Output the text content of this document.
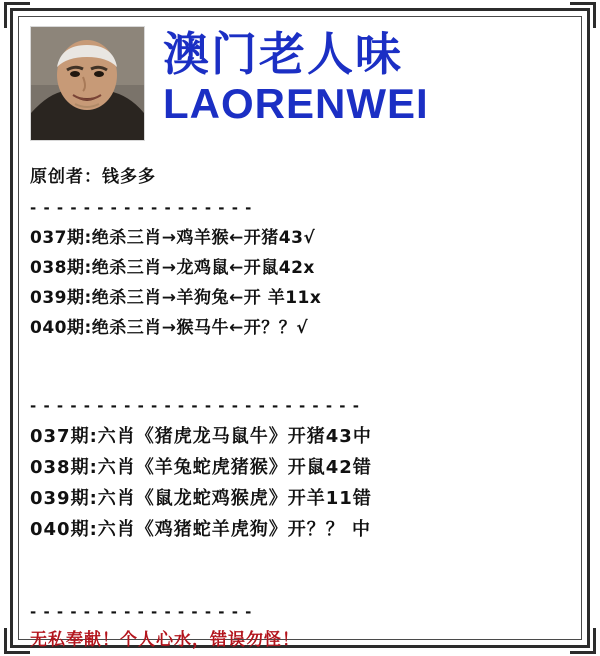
澳门老人味
LAORENWEI
原创者：钱多多
- - - - - - - - - - - - - - - - -
037期:绝杀三肖→鸡羊猴←开猪43√
038期:绝杀三肖→龙鸡鼠←开鼠42x
039期:绝杀三肖→羊狗兔←开 羊11x
040期:绝杀三肖→猴马牛←开？？√
- - - - - - - - - - - - - - - - - - - - - - - - -
037期:六肖《猪虎龙马鼠牛》开猪43中
038期:六肖《羊兔蛇虎猪猴》开鼠42错
039期:六肖《鼠龙蛇鸡猴虎》开羊11错
040期:六肖《鸡猪蛇羊虎狗》开？？ 中
- - - - - - - - - - - - - - - - -
无私奉献！个人心水，错误勿怪！
